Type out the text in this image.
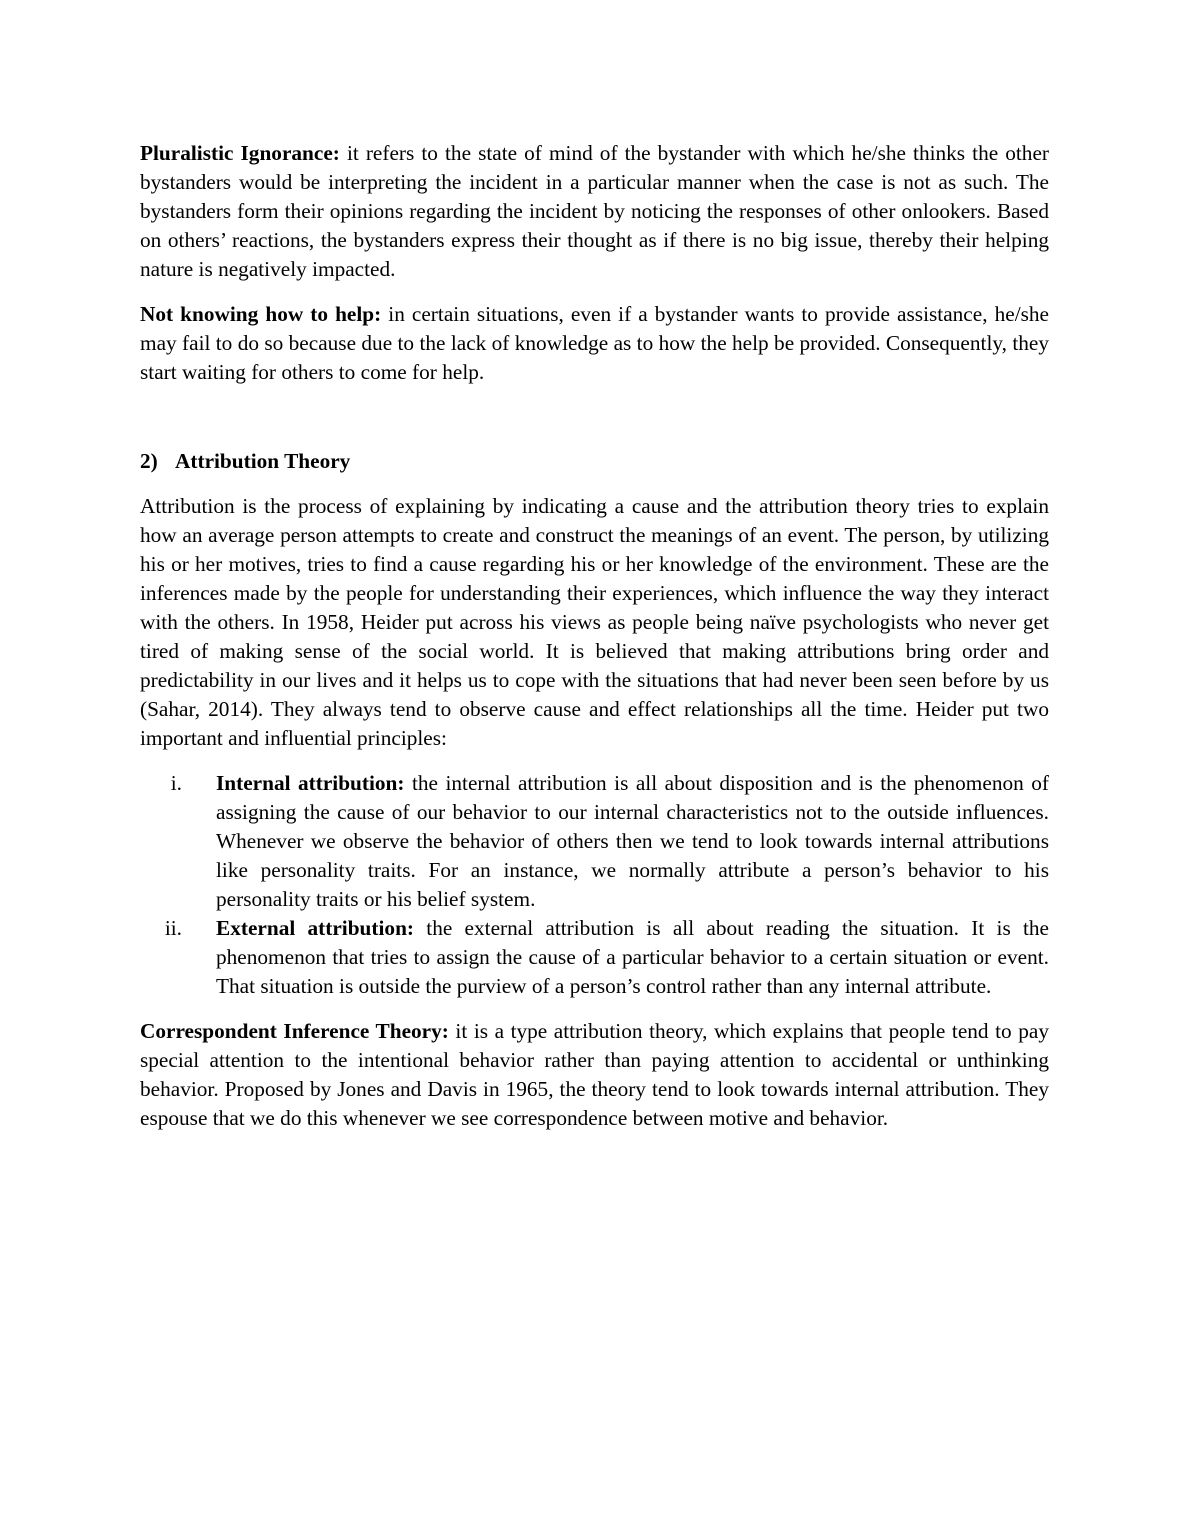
Pluralistic Ignorance: it refers to the state of mind of the bystander with which he/she thinks the other bystanders would be interpreting the incident in a particular manner when the case is not as such. The bystanders form their opinions regarding the incident by noticing the responses of other onlookers. Based on others’ reactions, the bystanders express their thought as if there is no big issue, thereby their helping nature is negatively impacted.

Not knowing how to help: in certain situations, even if a bystander wants to provide assistance, he/she may fail to do so because due to the lack of knowledge as to how the help be provided. Consequently, they start waiting for others to come for help.

2) Attribution Theory

Attribution is the process of explaining by indicating a cause and the attribution theory tries to explain how an average person attempts to create and construct the meanings of an event. The person, by utilizing his or her motives, tries to find a cause regarding his or her knowledge of the environment. These are the inferences made by the people for understanding their experiences, which influence the way they interact with the others. In 1958, Heider put across his views as people being naïve psychologists who never get tired of making sense of the social world. It is believed that making attributions bring order and predictability in our lives and it helps us to cope with the situations that had never been seen before by us (Sahar, 2014). They always tend to observe cause and effect relationships all the time. Heider put two important and influential principles:

i.	Internal attribution: the internal attribution is all about disposition and is the phenomenon of assigning the cause of our behavior to our internal characteristics not to the outside influences. Whenever we observe the behavior of others then we tend to look towards internal attributions like personality traits. For an instance, we normally attribute a person’s behavior to his personality traits or his belief system.
ii.	External attribution: the external attribution is all about reading the situation. It is the phenomenon that tries to assign the cause of a particular behavior to a certain situation or event. That situation is outside the purview of a person’s control rather than any internal attribute.

Correspondent Inference Theory: it is a type attribution theory, which explains that people tend to pay special attention to the intentional behavior rather than paying attention to accidental or unthinking behavior. Proposed by Jones and Davis in 1965, the theory tend to look towards internal attribution. They espouse that we do this whenever we see correspondence between motive and behavior.
